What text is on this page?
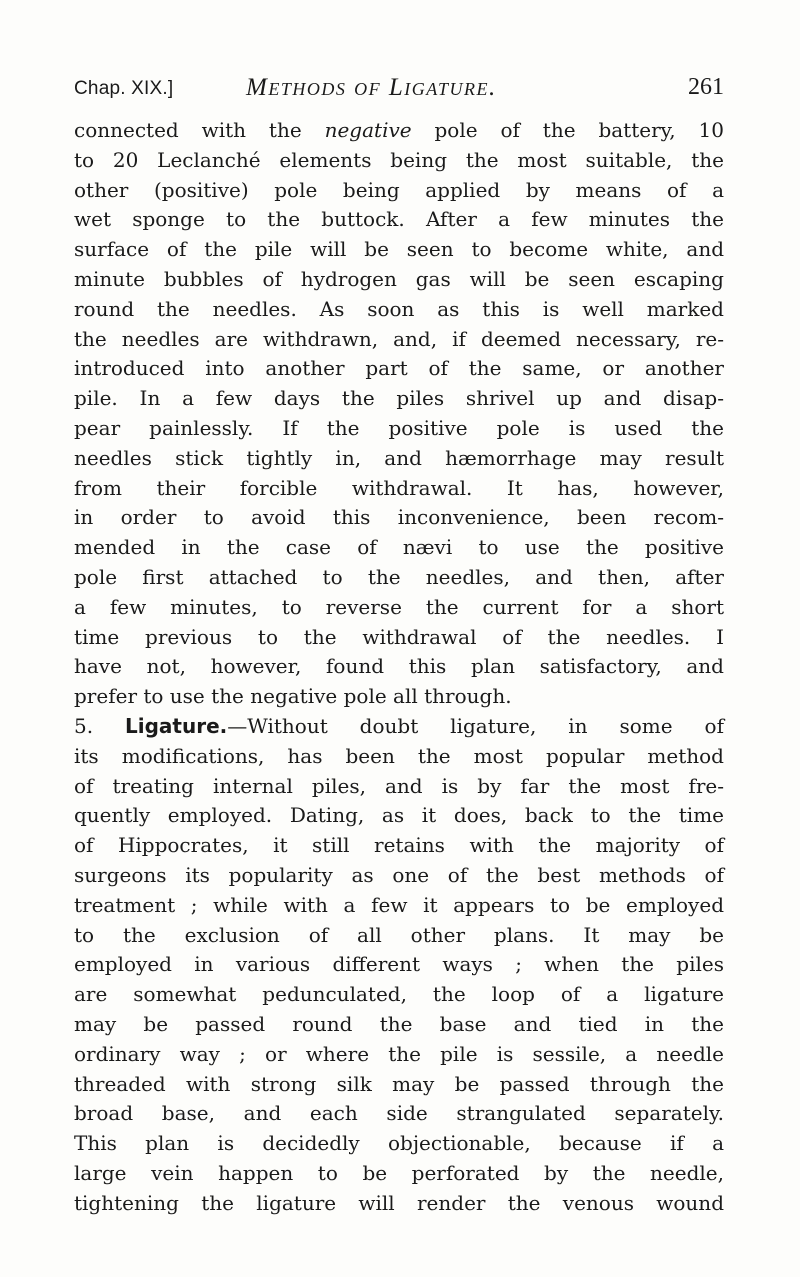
Chap. XIX.]	Methods of Ligature.	261
connected with the negative pole of the battery, 10
to 20 Leclanché elements being the most suitable, the
other (positive) pole being applied by means of a
wet sponge to the buttock. After a few minutes the
surface of the pile will be seen to become white, and
minute bubbles of hydrogen gas will be seen escaping
round the needles. As soon as this is well marked
the needles are withdrawn, and, if deemed necessary, re-
introduced into another part of the same, or another
pile. In a few days the piles shrivel up and disap-
pear painlessly. If the positive pole is used the
needles stick tightly in, and hæmorrhage may result
from their forcible withdrawal. It has, however,
in order to avoid this inconvenience, been recom-
mended in the case of nævi to use the positive
pole first attached to the needles, and then, after
a few minutes, to reverse the current for a short
time previous to the withdrawal of the needles. I
have not, however, found this plan satisfactory, and
prefer to use the negative pole all through.
5. Ligature.—Without doubt ligature, in some of
its modifications, has been the most popular method
of treating internal piles, and is by far the most fre-
quently employed. Dating, as it does, back to the time
of Hippocrates, it still retains with the majority of
surgeons its popularity as one of the best methods of
treatment ; while with a few it appears to be employed
to the exclusion of all other plans. It may be
employed in various different ways ; when the piles
are somewhat pedunculated, the loop of a ligature
may be passed round the base and tied in the
ordinary way ; or where the pile is sessile, a needle
threaded with strong silk may be passed through the
broad base, and each side strangulated separately.
This plan is decidedly objectionable, because if a
large vein happen to be perforated by the needle,
tightening the ligature will render the venous wound
